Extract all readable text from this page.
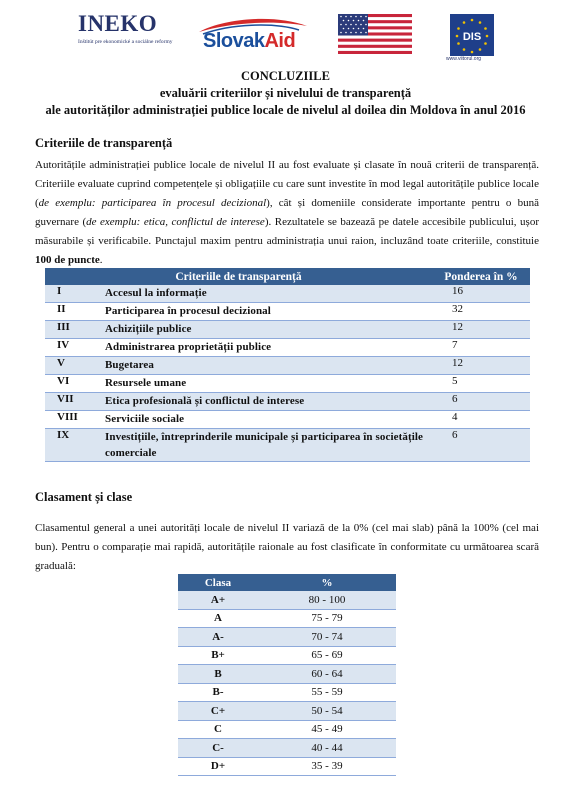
INEKO
Inštitút pre ekonomické a sociálne reformy	SlovakAid	DIS
www.viitorul.org
CONCLUZIILE
evaluării criteriilor și nivelului de transparență
ale autorităților administrației publice locale de nivelul al doilea din Moldova în anul 2016
Criteriile de transparență
Autoritățile administrației publice locale de nivelul II au fost evaluate și clasate în nouă criterii de transparență. Criteriile evaluate cuprind competențele și obligațiile cu care sunt investite în mod legal autoritățile publice locale (de exemplu: participarea în procesul decizional), cât și domeniile considerate importante pentru o bună guvernare (de exemplu: etica, conflictul de interese). Rezultatele se bazează pe datele accesibile publicului, ușor măsurabile și verificabile. Punctajul maxim pentru administrația unui raion, incluzând toate criteriile, constituie 100 de puncte.
Criteriile de transparență		Ponderea în %
I	Accesul la informație	16
II	Participarea în procesul decizional	32
III	Achizițiile publice	12
IV	Administrarea proprietății publice	7
V	Bugetarea	12
VI	Resursele umane	5
VII	Etica profesională și conflictul de interese	6
VIII	Serviciile sociale	4
IX	Investițiile, întreprinderile municipale și participarea în societățile comerciale	6
Clasament și clase
Clasamentul general a unei autorități locale de nivelul II variază de la 0% (cel mai slab) până la 100% (cel mai bun). Pentru o comparație mai rapidă, autoritățile raionale au fost clasificate în conformitate cu următoarea scară graduală:
Clasa	%
A+	80 - 100
A	75 - 79
A-	70 - 74
B+	65 - 69
B	60 - 64
B-	55 - 59
C+	50 - 54
C	45 - 49
C-	40 - 44
D+	35 - 39
